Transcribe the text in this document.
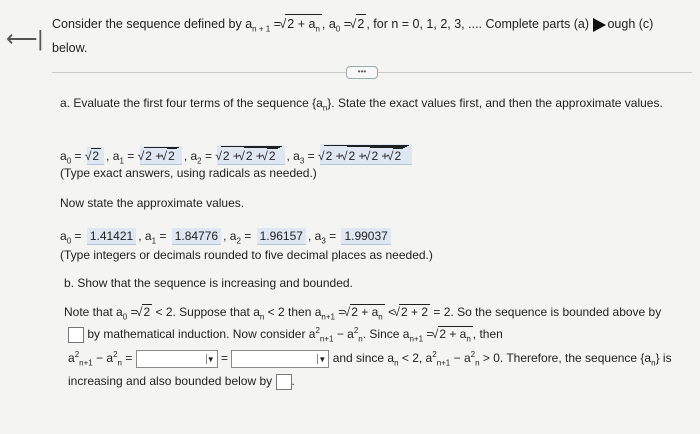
⟵|
Consider the sequence defined by $a_{n + 1}$ = √ $2 + a_n$ , $a_0$ = √ 2 , for n = 0, 1, 2, 3, .... Complete parts (a) ough (c) below.
•••
a. Evaluate the first four terms of the sequence $\{a_n\}$. State the exact values first, and then the approximate values.
$a_0$ = √ 2 , $a_1$ = √ 2 + √ 2 , $a_2$ = √ 2 + √ 2 + √ 2 , $a_3$ = √ 2 + √ 2 + √ 2 + √ 2
(Type exact answers, using radicals as needed.)
Now state the approximate values.
$a_0 = 1.41421$ , $a_1 = 1.84776$ , $a_2 = 1.96157$ , $a_3 = 1.99037$
(Type integers or decimals rounded to five decimal places as needed.)
b. Show that the sequence is increasing and bounded.
Note that $a_0$ = √ 2 < 2. Suppose that $a_n < 2$ then $a_{n+1}$ = √ $2 + a_n$ < √ 2 + 2 = 2. So the sequence is bounded above by
by mathematical induction. Now consider $a^2_{n+1} - a^2_n$. Since $a_{n+1}$ = √ $2 + a_n$ , then
$a^2_{n+1} - a^2_n$ =	▼ =	▼ and since $a_n < 2$, $a^2_{n+1} - a^2_n > 0$. Therefore, the sequence $\{a_n\}$ is
increasing and also bounded below by .
